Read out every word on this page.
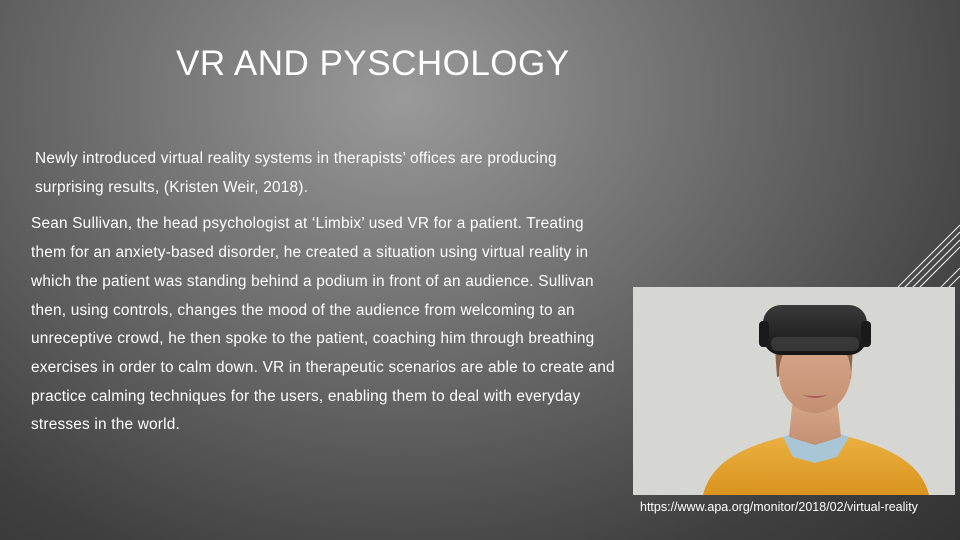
VR AND PYSCHOLOGY

Newly introduced virtual reality systems in therapists’ offices are producing surprising results, (Kristen Weir, 2018).

Sean Sullivan, the head psychologist at ‘Limbix’ used VR for a patient. Treating them for an anxiety-based disorder, he created a situation using virtual reality in which the patient was standing behind a podium in front of an audience. Sullivan then, using controls, changes the mood of the audience from welcoming to an unreceptive crowd, he then spoke to the patient, coaching him through breathing exercises in order to calm down. VR in therapeutic scenarios are able to create and practice calming techniques for the users, enabling them to deal with everyday stresses in the world.

https://www.apa.org/monitor/2018/02/virtual-reality
